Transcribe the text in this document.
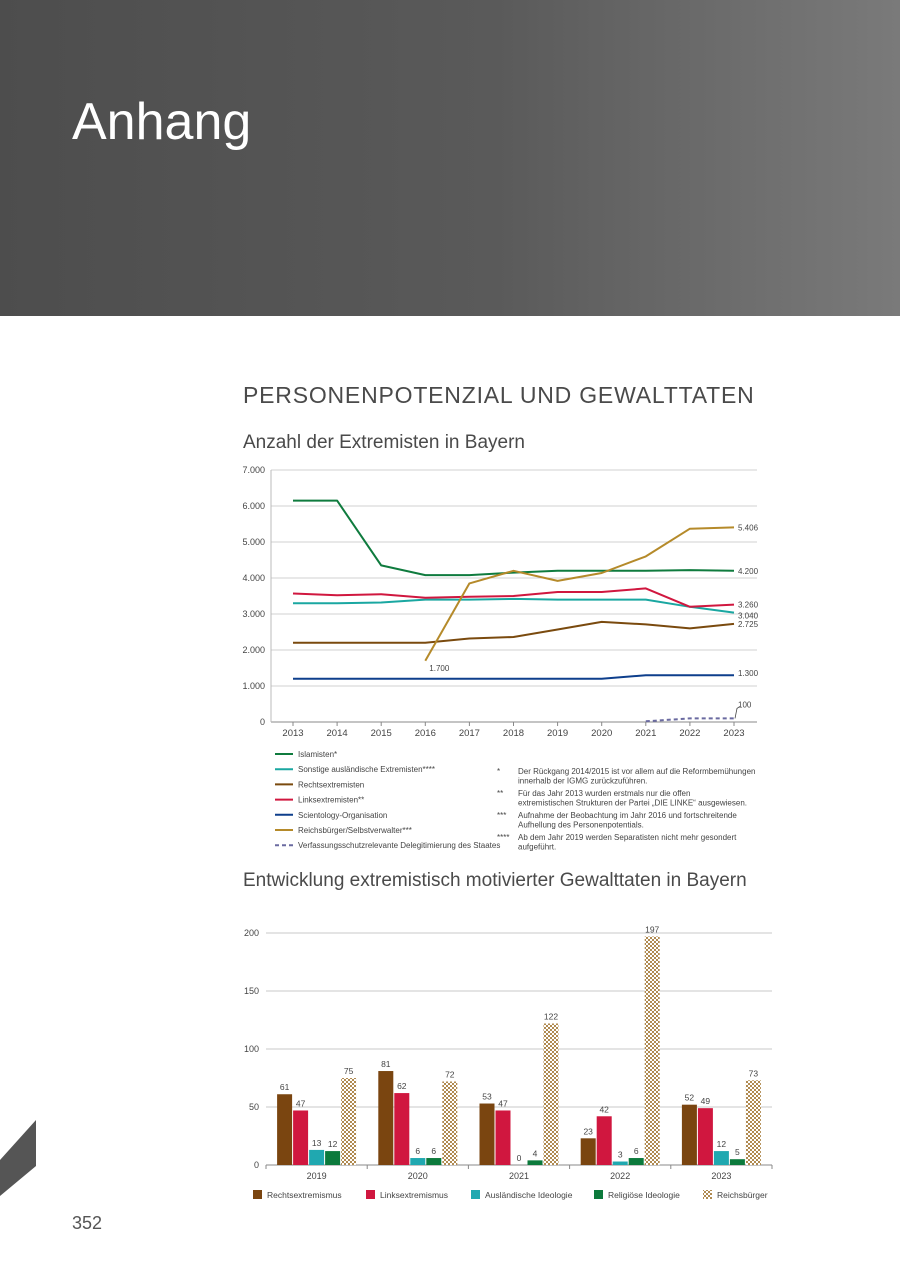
Anhang
PERSONENPOTENZIAL UND GEWALTTATEN
Anzahl der Extremisten in Bayern
Entwicklung extremistisch motivierter Gewalttaten in Bayern
0
1.000
2.000
3.000
4.000
5.000
6.000
7.000
2013 2014 2015 2016 2017 2018 2019 2020 2021 2022 2023
5.406
4.200
3.260
3.040
2.725
1.300
100
1.700
Islamisten*
Sonstige ausländische Extremisten****
Rechtsextremisten
Linksextremisten**
Scientology-Organisation
Reichsbürger/Selbstverwalter***
Verfassungsschutzrelevante Delegitimierung des Staates
* Der Rückgang 2014/2015 ist vor allem auf die Reformbemühungen innerhalb der IGMG zurückzuführen.
** Für das Jahr 2013 wurden erstmals nur die offen extremistischen Strukturen der Partei „DIE LINKE“ ausgewiesen.
*** Aufnahme der Beobachtung im Jahr 2016 und fortschreitende Aufhellung des Personenpotentials.
**** Ab dem Jahr 2019 werden Separatisten nicht mehr gesondert aufgeführt.
0
50
100
150
200
2019
61
47
13 12
75
2020
81
62
6 6
72
2021
53
47
0 4
122
2022
23
42
3 6
197
2023
52 49
12
5
73
Rechtsextremismus	Linksextremismus	Ausländische Ideologie	Religiöse Ideologie	Reichsbürger
352
